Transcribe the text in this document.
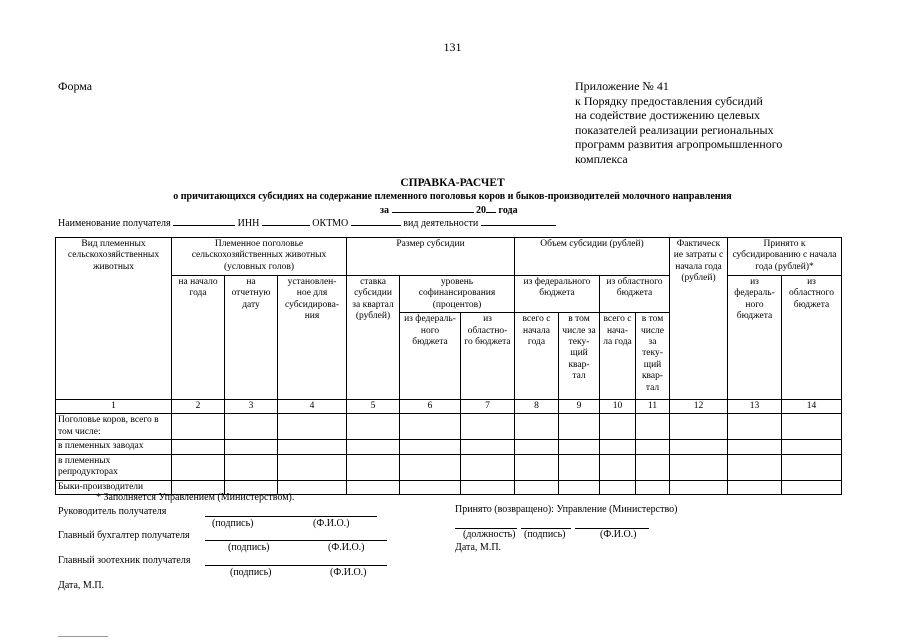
131
Форма	Приложение № 41
к Порядку предоставления субсидий
на содействие достижению целевых
показателей реализации региональных
программ развития агропромышленного
комплекса
СПРАВКА-РАСЧЕТ
о причитающихся субсидиях на содержание племенного поголовья коров и быков-производителей молочного направления
за	20 года
Наименование получателя	ИНН	ОКТМО	вид деятельности
Вид племенных сельскохозяйственных животных	Племенное поголовье сельскохозяйственных животных (условных голов)			Размер субсидии			Объем субсидии (рублей)				Фактическ ие затраты с начала года (рублей)	Принято к субсидированию с начала года (рублей)*	
	на начало года	на отчетную дату	установлен- ное для субсидирова- ния	ставка субсидии за квартал (рублей)	уровень софинансирования (процентов)		из федерального бюджета		из областного бюджета			из федераль- ного бюджета	из областного бюджета
					из федераль- ного бюджета	из областно- го бюджета	всего с начала года	в том числе за теку- щий квар- тал	всего с нача- ла года	в том числе за теку- щий квар- тал			
1	2	3	4	5	6	7	8	9	10	11	12	13	14
Поголовье коров, всего в том числе:													
в племенных заводах													
в племенных репродукторах													
Быки-производители													
* Заполняется Управлением (Министерством).
Руководитель получателя
(подпись)	(Ф.И.О.)
Главный бухгалтер получателя
(подпись)	(Ф.И.О.)
Главный зоотехник получателя
(подпись)	(Ф.И.О.)
Дата, М.П.
Принято (возвращено): Управление (Министерство)
(должность) (подпись)	(Ф.И.О.)
Дата, М.П.
